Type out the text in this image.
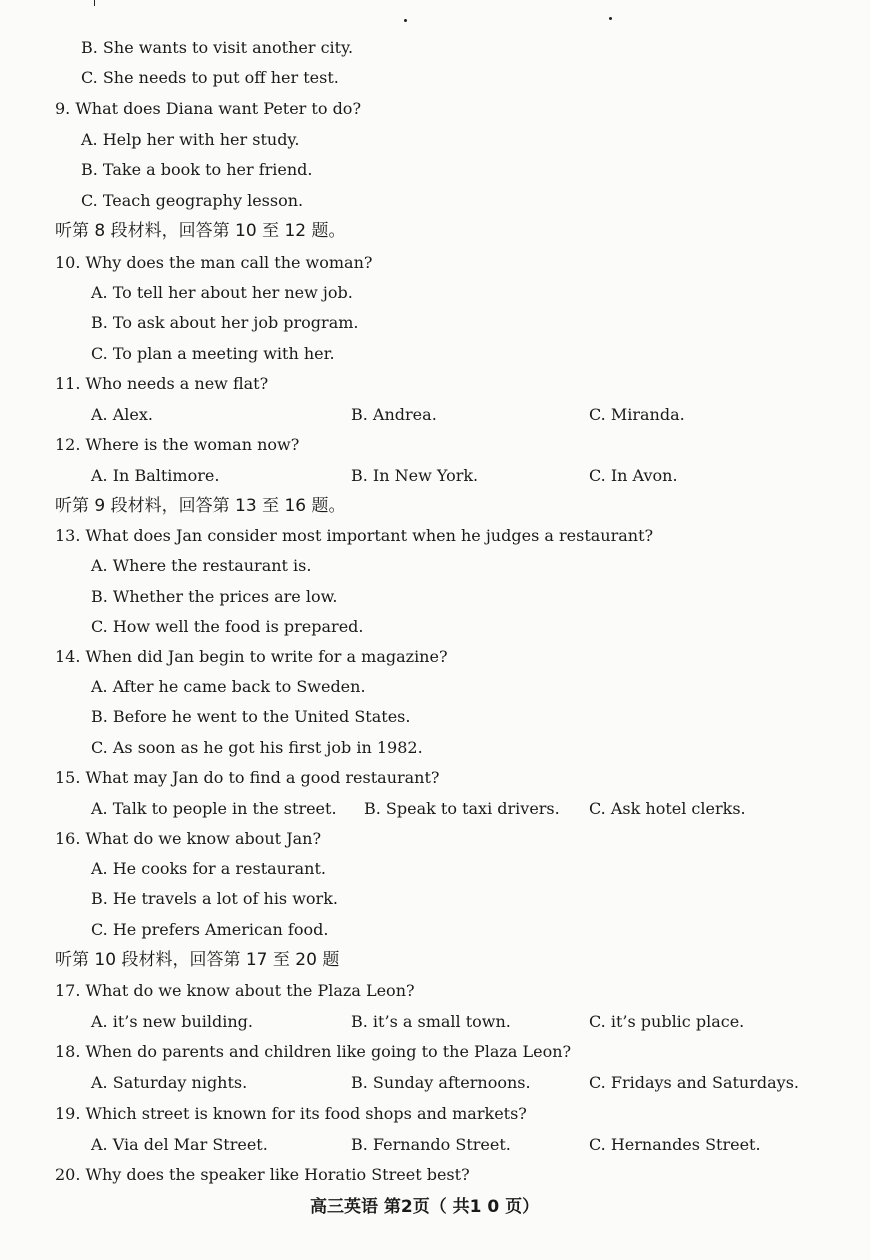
B. She wants to visit another city.
C. She needs to put off her test.
9. What does Diana want Peter to do?
A. Help her with her study.
B. Take a book to her friend.
C. Teach geography lesson.
听第 8 段材料，回答第 10 至 12 题。
10. Why does the man call the woman?
A. To tell her about her new job.
B. To ask about her job program.
C. To plan a meeting with her.
11. Who needs a new flat?
A. Alex.	B. Andrea.	C. Miranda.
12. Where is the woman now?
A. In Baltimore.	B. In New York.	C. In Avon.
听第 9 段材料，回答第 13 至 16 题。
13. What does Jan consider most important when he judges a restaurant?
A. Where the restaurant is.
B. Whether the prices are low.
C. How well the food is prepared.
14. When did Jan begin to write for a magazine?
A. After he came back to Sweden.
B. Before he went to the United States.
C. As soon as he got his first job in 1982.
15. What may Jan do to find a good restaurant?
A. Talk to people in the street. B. Speak to taxi drivers. C. Ask hotel clerks.
16. What do we know about Jan?
A. He cooks for a restaurant.
B. He travels a lot of his work.
C. He prefers American food.
听第 10 段材料，回答第 17 至 20 题
17. What do we know about the Plaza Leon?
A. it’s new building.	B. it’s a small town.	C. it’s public place.
18. When do parents and children like going to the Plaza Leon?
A. Saturday nights.	B. Sunday afternoons.	C. Fridays and Saturdays.
19. Which street is known for its food shops and markets?
A. Via del Mar Street.	B. Fernando Street.	C. Hernandes Street.
20. Why does the speaker like Horatio Street best?
高三英语 第2页（ 共1 0 页）
